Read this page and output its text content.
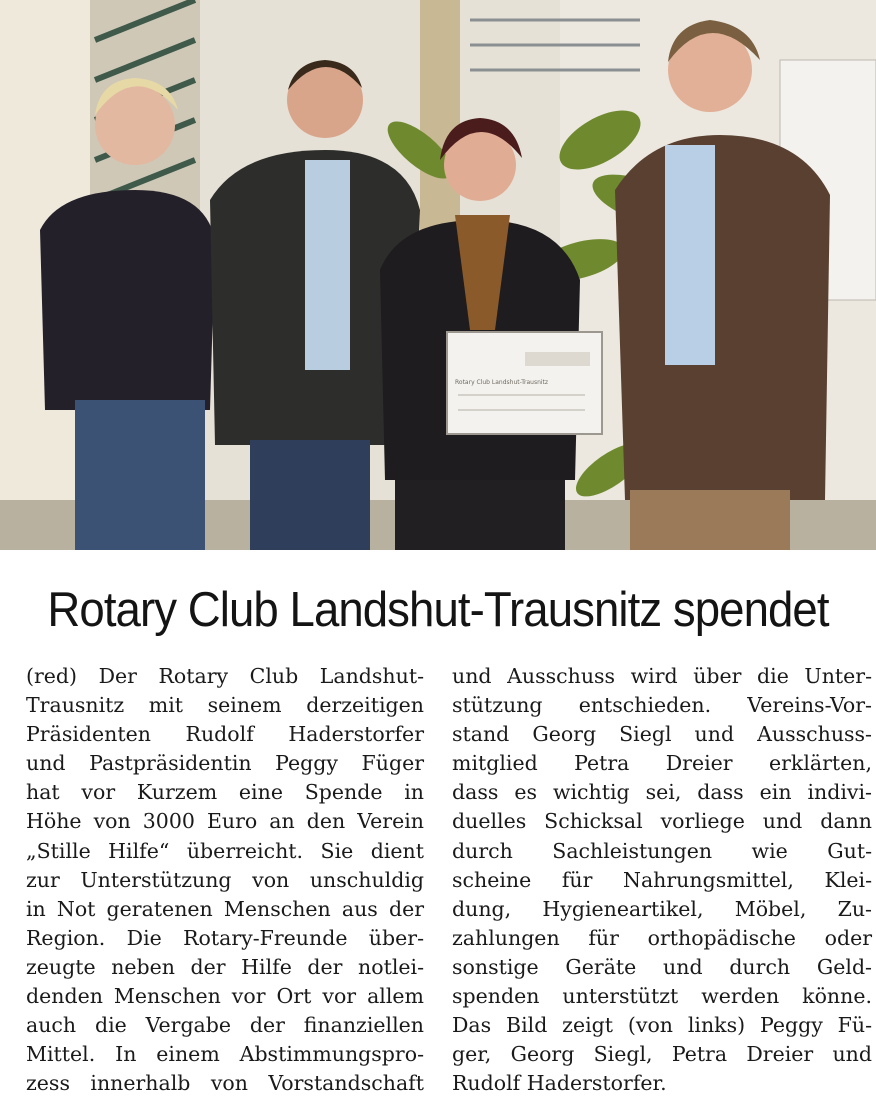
Rotary Club Landshut-Trausnitz
Rotary Club Landshut-Trausnitz spendet

(red) Der Rotary Club Landshut-
Trausnitz mit seinem derzeitigen
Präsidenten Rudolf Haderstorfer
und Pastpräsidentin Peggy Füger
hat vor Kurzem eine Spende in
Höhe von 3000 Euro an den Verein
„Stille Hilfe“ überreicht. Sie dient
zur Unterstützung von unschuldig
in Not geratenen Menschen aus der
Region. Die Rotary-Freunde über-
zeugte neben der Hilfe der notlei-
denden Menschen vor Ort vor allem
auch die Vergabe der finanziellen
Mittel. In einem Abstimmungspro-
zess innerhalb von Vorstandschaft

und Ausschuss wird über die Unter-
stützung entschieden. Vereins-Vor-
stand Georg Siegl und Ausschuss-
mitglied Petra Dreier erklärten,
dass es wichtig sei, dass ein indivi-
duelles Schicksal vorliege und dann
durch Sachleistungen wie Gut-
scheine für Nahrungsmittel, Klei-
dung, Hygieneartikel, Möbel, Zu-
zahlungen für orthopädische oder
sonstige Geräte und durch Geld-
spenden unterstützt werden könne.
Das Bild zeigt (von links) Peggy Fü-
ger, Georg Siegl, Petra Dreier und
Rudolf Haderstorfer.
